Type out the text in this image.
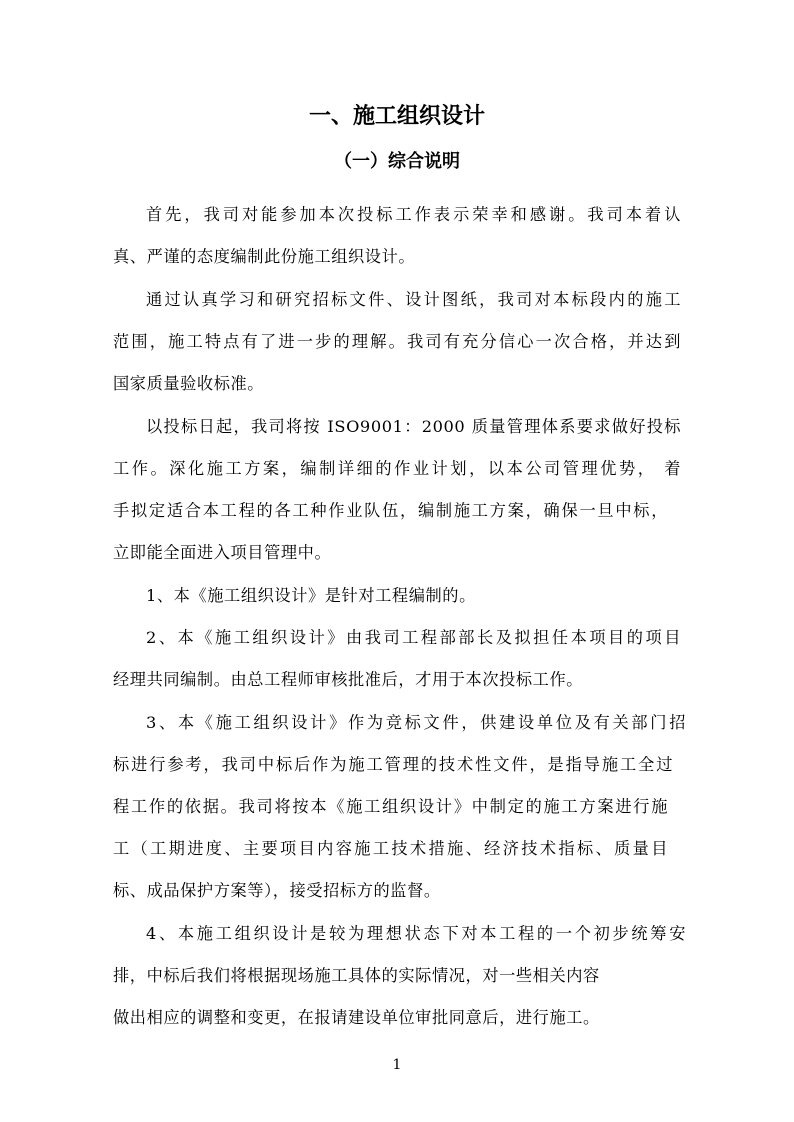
一、施工组织设计
（一）综合说明
首先，我司对能参加本次投标工作表示荣幸和感谢。我司本着认
真、严谨的态度编制此份施工组织设计。
通过认真学习和研究招标文件、设计图纸，我司对本标段内的施工
范围，施工特点有了进一步的理解。我司有充分信心一次合格，并达到
国家质量验收标准。
以投标日起，我司将按 ISO9001：2000 质量管理体系要求做好投标
工作。深化施工方案，编制详细的作业计划，以本公司管理优势， 着
手拟定适合本工程的各工种作业队伍，编制施工方案，确保一旦中标，
立即能全面进入项目管理中。
1、本《施工组织设计》是针对工程编制的。
2、本《施工组织设计》由我司工程部部长及拟担任本项目的项目
经理共同编制。由总工程师审核批准后，才用于本次投标工作。
3、本《施工组织设计》作为竞标文件，供建设单位及有关部门招
标进行参考，我司中标后作为施工管理的技术性文件，是指导施工全过
程工作的依据。我司将按本《施工组织设计》中制定的施工方案进行施
工（工期进度、主要项目内容施工技术措施、经济技术指标、质量目
标、成品保护方案等），接受招标方的监督。
4、本施工组织设计是较为理想状态下对本工程的一个初步统筹安
排，中标后我们将根据现场施工具体的实际情况，对一些相关内容
做出相应的调整和变更，在报请建设单位审批同意后，进行施工。
1
